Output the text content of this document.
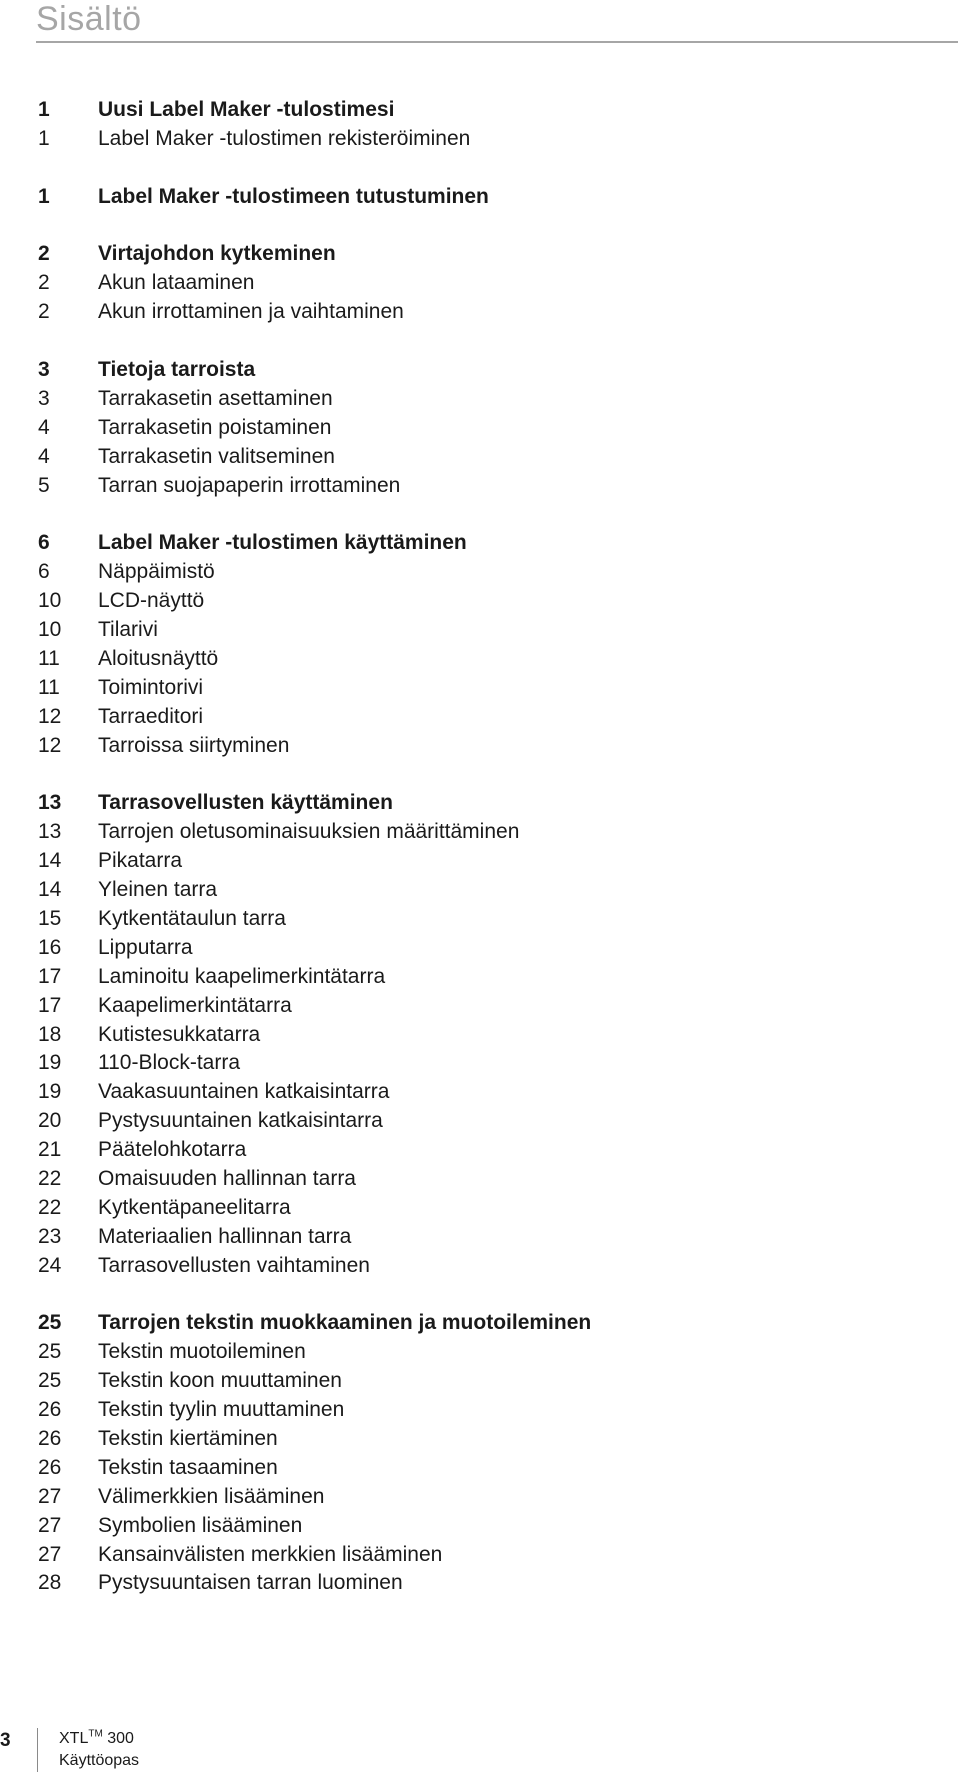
Sisältö
1	Uusi Label Maker -tulostimesi
1	Label Maker -tulostimen rekisteröiminen
1	Label Maker -tulostimeen tutustuminen
2	Virtajohdon kytkeminen
2	Akun lataaminen
2	Akun irrottaminen ja vaihtaminen
3	Tietoja tarroista
3	Tarrakasetin asettaminen
4	Tarrakasetin poistaminen
4	Tarrakasetin valitseminen
5	Tarran suojapaperin irrottaminen
6	Label Maker -tulostimen käyttäminen
6	Näppäimistö
10	LCD-näyttö
10	Tilarivi
11	Aloitusnäyttö
11	Toimintorivi
12	Tarraeditori
12	Tarroissa siirtyminen
13	Tarrasovellusten käyttäminen
13	Tarrojen oletusominaisuuksien määrittäminen
14	Pikatarra
14	Yleinen tarra
15	Kytkentätaulun tarra
16	Lipputarra
17	Laminoitu kaapelimerkintätarra
17	Kaapelimerkintätarra
18	Kutistesukkatarra
19	110-Block-tarra
19	Vaakasuuntainen katkaisintarra
20	Pystysuuntainen katkaisintarra
21	Päätelohkotarra
22	Omaisuuden hallinnan tarra
22	Kytkentäpaneelitarra
23	Materiaalien hallinnan tarra
24	Tarrasovellusten vaihtaminen
25	Tarrojen tekstin muokkaaminen ja muotoileminen
25	Tekstin muotoileminen
25	Tekstin koon muuttaminen
26	Tekstin tyylin muuttaminen
26	Tekstin kiertäminen
26	Tekstin tasaaminen
27	Välimerkkien lisääminen
27	Symbolien lisääminen
27	Kansainvälisten merkkien lisääminen
28	Pystysuuntaisen tarran luominen
3	XTL™ 300
Käyttöopas
